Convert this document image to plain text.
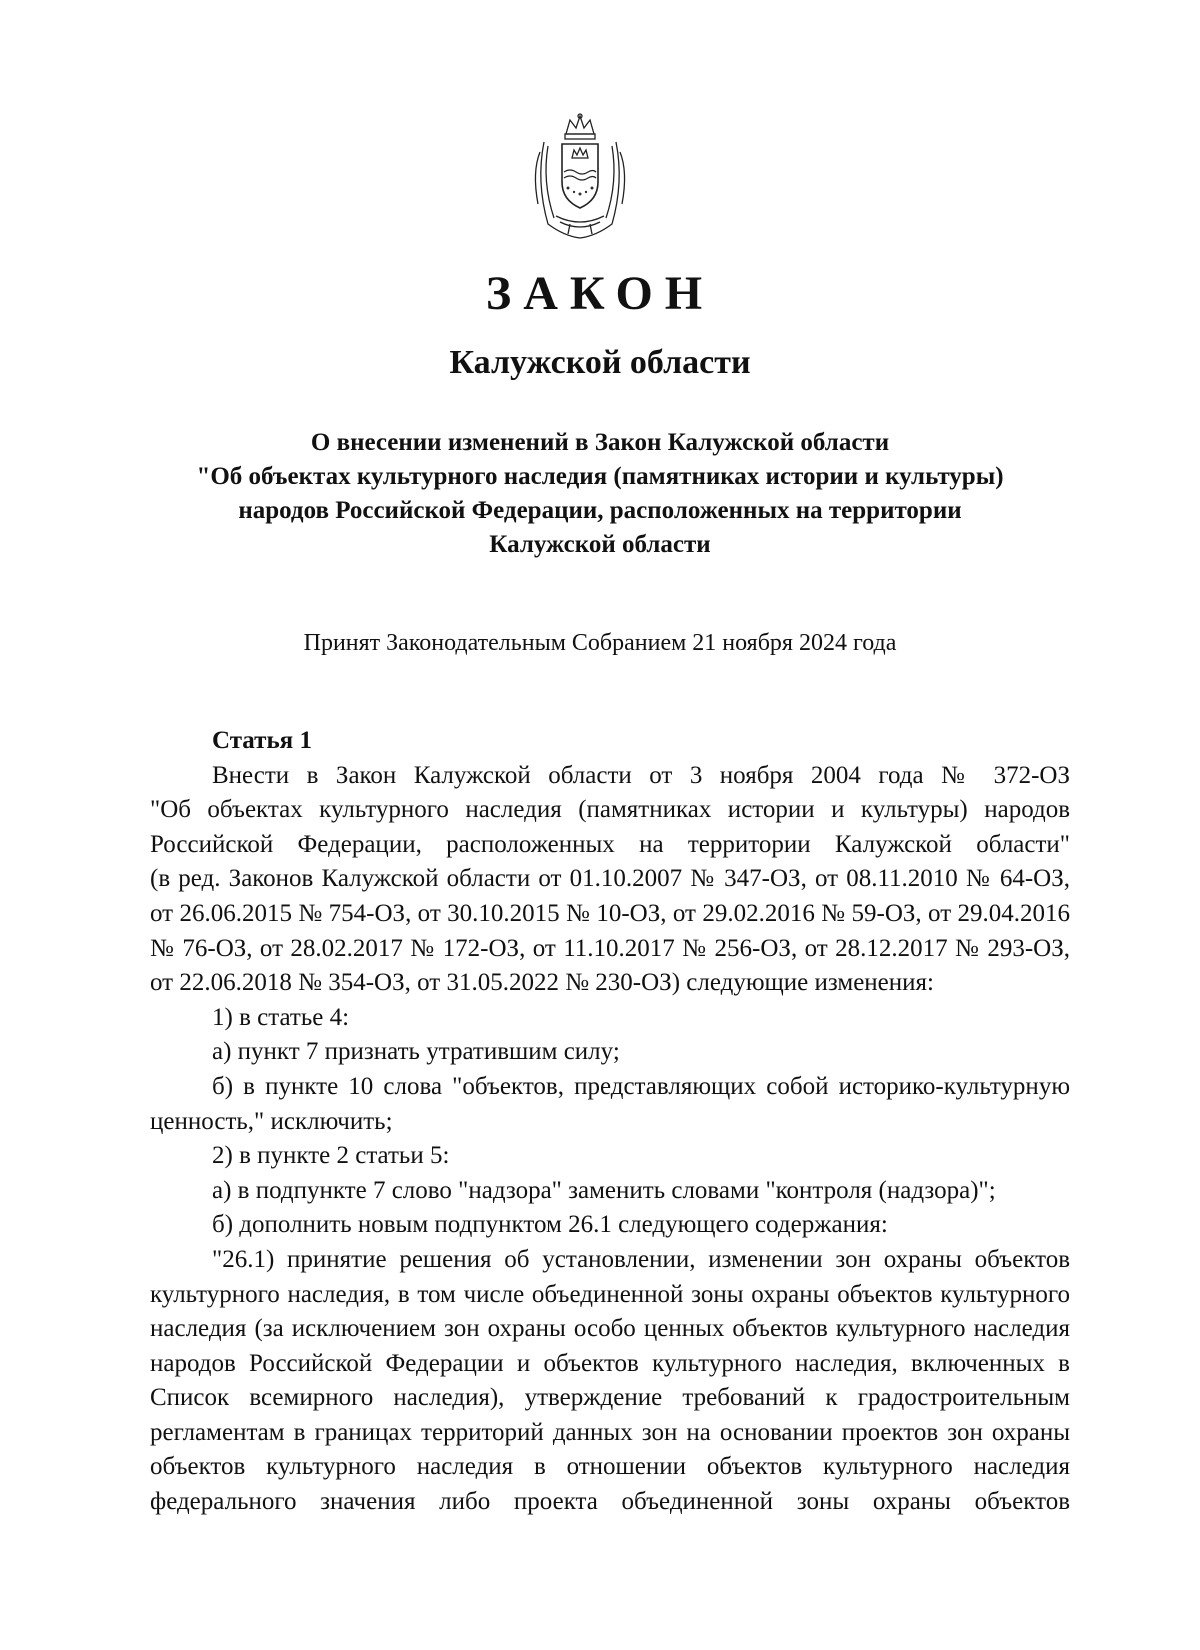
ЗАКОН
Калужской области
О внесении изменений в Закон Калужской области
"Об объектах культурного наследия (памятниках истории и культуры)
народов Российской Федерации, расположенных на территории
Калужской области
Принят Законодательным Собранием 21 ноября 2024 года
Статья 1
Внести в Закон Калужской области от 3 ноября 2004 года № 372-ОЗ
"Об объектах культурного наследия (памятниках истории и культуры) народов
Российской Федерации, расположенных на территории Калужской области"
(в ред. Законов Калужской области от 01.10.2007 № 347-ОЗ, от 08.11.2010 № 64-ОЗ,
от 26.06.2015 № 754-ОЗ, от 30.10.2015 № 10-ОЗ, от 29.02.2016 № 59-ОЗ, от 29.04.2016
№ 76-ОЗ, от 28.02.2017 № 172-ОЗ, от 11.10.2017 № 256-ОЗ, от 28.12.2017 № 293-ОЗ,
от 22.06.2018 № 354-ОЗ, от 31.05.2022 № 230-ОЗ) следующие изменения:
1) в статье 4:
а) пункт 7 признать утратившим силу;
б) в пункте 10 слова "объектов, представляющих собой историко-культурную
ценность," исключить;
2) в пункте 2 статьи 5:
а) в подпункте 7 слово "надзора" заменить словами "контроля (надзора)";
б) дополнить новым подпунктом 26.1 следующего содержания:
"26.1) принятие решения об установлении, изменении зон охраны объектов
культурного наследия, в том числе объединенной зоны охраны объектов культурного
наследия (за исключением зон охраны особо ценных объектов культурного наследия
народов Российской Федерации и объектов культурного наследия, включенных в
Список всемирного наследия), утверждение требований к градостроительным
регламентам в границах территорий данных зон на основании проектов зон охраны
объектов культурного наследия в отношении объектов культурного наследия
федерального значения либо проекта объединенной зоны охраны объектов
